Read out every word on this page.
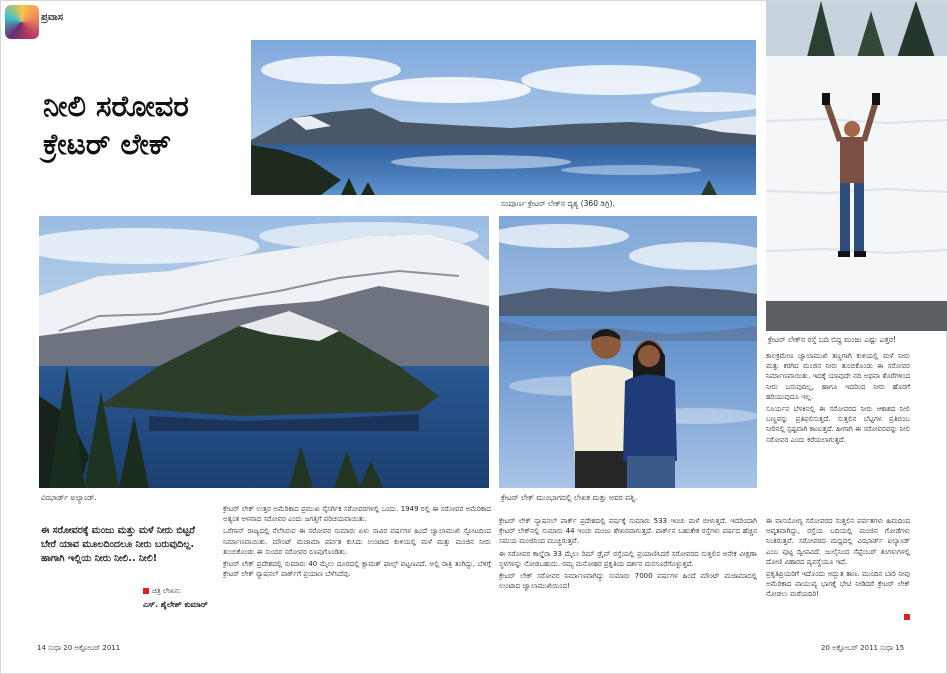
ಪ್ರವಾಸ
ನೀಲಿ ಸರೋವರ
ಕ್ರೇಟರ್ ಲೇಕ್
ಸಂಪೂರ್ಣ ಕ್ರೇಟರ್ ಲೇಕ್‌ನ ದೃಶ್ಯ (360 ಡಿಗ್ರಿ).
ವಿಝಾರ್ಡ್ ಐಲ್ಯಾಂಡ್.	ಕ್ರೇಟರ್ ಲೇಕ್ ಮುಂಭಾಗದಲ್ಲಿ ಲೇಖಕ ಮತ್ತು ಅವರ ಪತ್ನಿ.
ಕ್ರೇಟರ್ ಲೇಕ್‌ನ ರಸ್ತೆ ಬದಿ ಬಿದ್ದ ಮಂಜು ಎಷ್ಟು ಎತ್ತರ!
ಈ ಸರೋವರಕ್ಕೆ ಮಂಜು ಮತ್ತು ಮಳೆ ನೀರು ಬಿಟ್ಟರೆ ಬೇರೆ ಯಾವ ಮೂಲದಿಂದಲೂ ನೀರು ಬರುವುದಿಲ್ಲ. ಹಾಗಾಗಿ ಇಲ್ಲಿಯ ನೀರು ನೀಲಿ.. ನೀಲಿ!
ಚಿತ್ರ ಲೇಖನ:
ಎಸ್. ಶೈಲೇಶ್ ಕುಮಾರ್

ಕ್ರೇಟರ್ ಲೇಕ್ ಉತ್ತರ ಅಮೆರಿಕಾದ ಪ್ರಮುಖ ನೈಸರ್ಗಿಕ ಸರೋವರಗಳಲ್ಲಿ ಒಂದು. 1949 ರಲ್ಲಿ ಈ ಸರೋವರ ಅಮೆರಿಕಾದ ಅತ್ಯಂತ ಆಳವಾದ ಸರೋವರ ಎಂದು ಜಗತ್ತಿಗೆ ಪರಿಚಯವಾಯಿತು.

ಒರೆಗಾನ್ ರಾಜ್ಯದಲ್ಲಿ ನೆಲೆಸಿರುವ ಈ ಸರೋವರ ಸುಮಾರು ಏಳು ಸಾವಿರ ವರ್ಷಗಳ ಹಿಂದೆ ಜ್ವಾಲಾಮುಖಿ ಸ್ಫೋಟದಿಂದ ನಿರ್ಮಾಣವಾಯಿತು. ಮೌಂಟ್ ಮಜಾಮಾ ಪರ್ವತ ಕುಸಿದು ಉಂಟಾದ ಕುಳಿಯಲ್ಲಿ ಮಳೆ ಮತ್ತು ಮಂಜಿನ ನೀರು ತುಂಬಿಕೊಂಡು ಈ ಸುಂದರ ಸರೋವರ ರೂಪುಗೊಂಡಿತು.

ಕ್ರೇಟರ್ ಲೇಕ್ ಪ್ರದೇಶದಲ್ಲಿ ಸುಮಾರು 40 ಮೈಲು ದೂರದಲ್ಲಿ ಕ್ಲಾಮತ್ ಫಾಲ್ಸ್ ಪಟ್ಟಣವಿದೆ. ಅಲ್ಲಿ ರಾತ್ರಿ ತಂಗಿದ್ದು, ಬೆಳಿಗ್ಗೆ ಕ್ರೇಟರ್ ಲೇಕ್ ನ್ಯಾಷನಲ್ ಪಾರ್ಕ್‌ಗೆ ಪ್ರಯಾಣ ಬೆಳೆಸಿದೆವು.

ಕ್ರೇಟರ್ ಲೇಕ್ ನ್ಯಾಷನಲ್ ಪಾರ್ಕ್ ಪ್ರದೇಶದಲ್ಲಿ ವರ್ಷಕ್ಕೆ ಸುಮಾರು 533 ಇಂಚು ಮಳೆ ಬೀಳುತ್ತದೆ. ಇದರಿಂದಾಗಿ ಕ್ರೇಟರ್ ಲೇಕ್‌ನಲ್ಲಿ ಸುಮಾರು 44 ಇಂಚು ಮಂಜು ಶೇಖರವಾಗುತ್ತದೆ. ಪಾರ್ಕ್‌ನ ಬಹುತೇಕ ರಸ್ತೆಗಳು ವರ್ಷದ ಹೆಚ್ಚಿನ ಸಮಯ ಮಂಜಿನಿಂದ ಮುಚ್ಚಿರುತ್ತವೆ.

ಈ ಸರೋವರ ಕಾಲ್ಡೆರಾ 33 ಮೈಲು ರಿಮ್ ಡ್ರೈವ್ ರಸ್ತೆಯಲ್ಲಿ ಪ್ರಯಾಣಿಸಿದರೆ ಸರೋವರದ ಸುತ್ತಲಿನ ಅನೇಕ ವೀಕ್ಷಣಾ ಸ್ಥಳಗಳನ್ನು ನೋಡಬಹುದು. ರಮ್ಯ ಮನೋಹರ ಪ್ರಕೃತಿಯ ದರ್ಶನ ಮನಸೂರೆಗೊಳ್ಳುತ್ತದೆ.

ಕ್ರೇಟರ್ ಲೇಕ್ ಸರೋವರ ನಿರ್ಮಾಣವಾಗಿದ್ದು ಸುಮಾರು 7000 ವರ್ಷಗಳ ಹಿಂದೆ ಮೌಂಟ್ ಮಜಾಮಾದಲ್ಲಿ ಉಂಟಾದ ಜ್ವಾಲಾಮುಖಿಯಿಂದ!

ಕಾಲಕ್ರಮೇಣ ಜ್ವಾಲಾಮುಖಿ ತಣ್ಣಗಾಗಿ ಕುಳಿಯಲ್ಲಿ ಮಳೆ ನೀರು ಮತ್ತು ಕರಗಿದ ಮಂಜಿನ ನೀರು ತುಂಬಿಕೊಂಡು ಈ ಸರೋವರ ನಿರ್ಮಾಣವಾಯಿತು. ಇದಕ್ಕೆ ಯಾವುದೇ ನದಿ ಅಥವಾ ತೊರೆಗಳಿಂದ ನೀರು ಬರುವುದಿಲ್ಲ, ಹಾಗೂ ಇದರಿಂದ ನೀರು ಹೊರಗೆ ಹರಿಯುವುದೂ ಇಲ್ಲ.

ಸೂರ್ಯನ ಬೆಳಕಿನಲ್ಲಿ ಈ ಸರೋವರದ ನೀರು ಆಕಾಶದ ನೀಲಿ ಬಣ್ಣವನ್ನು ಪ್ರತಿಫಲಿಸುತ್ತದೆ. ಸುತ್ತಲಿನ ಬೆಟ್ಟಗಳ ಪ್ರತಿಬಿಂಬ ನೀರಿನಲ್ಲಿ ಸ್ಪಷ್ಟವಾಗಿ ಕಾಣುತ್ತದೆ. ಹೀಗಾಗಿ ಈ ಸರೋವರವನ್ನು ನೀಲಿ ಸರೋವರ ಎಂದು ಕರೆಯಲಾಗುತ್ತದೆ.

ಈ ವಾಸಯೋಗ್ಯ ಸರೋವರದ ಸುತ್ತಲಿನ ಪರ್ವತಗಳು ಹಿಮದಿಂದ ಆವೃತವಾಗಿದ್ದು, ರಸ್ತೆಯ ಬದಿಯಲ್ಲಿ ಮಂಜಿನ ಗೋಡೆಗಳು ನಿಂತಿರುತ್ತವೆ. ಸರೋವರದ ಮಧ್ಯದಲ್ಲಿ ವಿಝಾರ್ಡ್ ಐಲ್ಯಾಂಡ್ ಎಂಬ ಪುಟ್ಟ ದ್ವೀಪವಿದೆ. ಜುಲೈನಿಂದ ಸೆಪ್ಟೆಂಬರ್ ತಿಂಗಳುಗಳಲ್ಲಿ ದೋಣಿ ವಿಹಾರದ ವ್ಯವಸ್ಥೆಯೂ ಇದೆ.

ಪ್ರಕೃತಿಪ್ರಿಯರಿಗೆ ಇದೊಂದು ಅದ್ಭುತ ತಾಣ. ಮುಂದಿನ ಬಾರಿ ನೀವು ಅಮೆರಿಕಾದ ವಾಯುವ್ಯ ಭಾಗಕ್ಕೆ ಭೇಟಿ ನೀಡಿದರೆ ಕ್ರೇಟರ್ ಲೇಕ್ ನೋಡಲು ಮರೆಯದಿರಿ!

14 ಸುಧಾ 20 ಅಕ್ಟೋಬರ್ 2011	20 ಅಕ್ಟೋಬರ್ 2011 ಸುಧಾ 15
